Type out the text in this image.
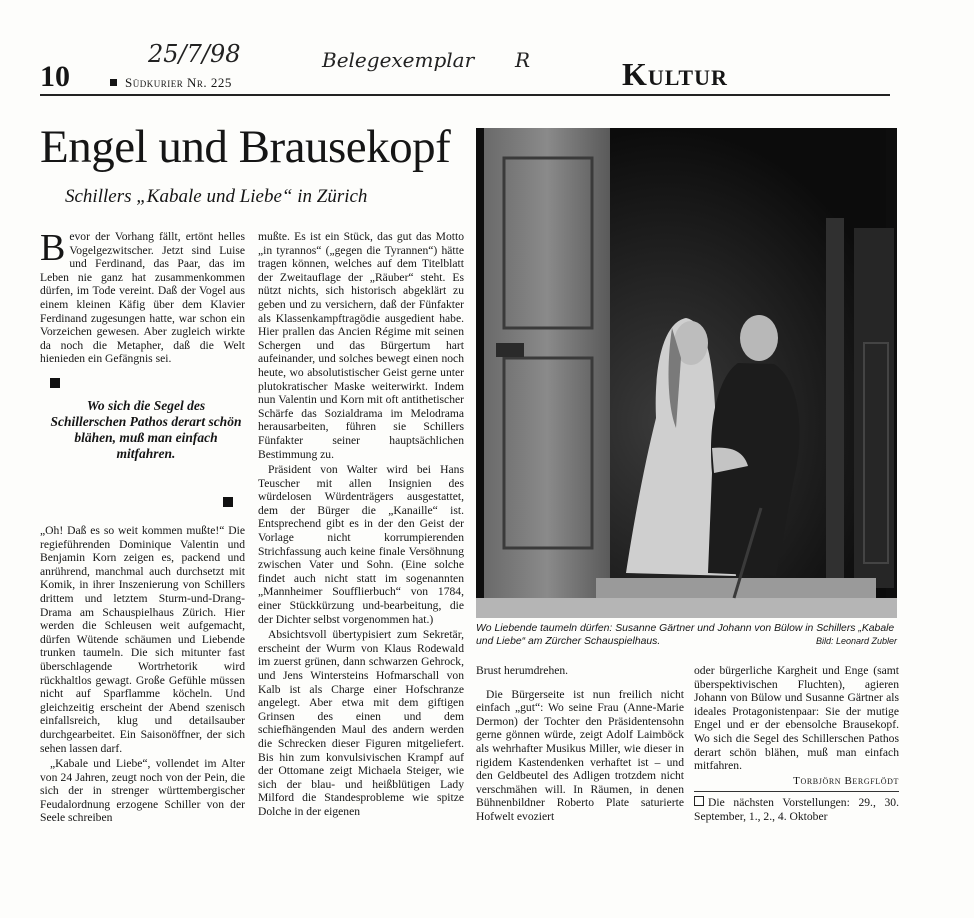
25/7/98	Belegexemplar R
10	Südkurier Nr. 225	Kultur
Engel und Brausekopf
Schillers „Kabale und Liebe“ in Zürich

Bevor der Vorhang fällt, ertönt helles Vogelgezwitscher. Jetzt sind Luise und Ferdinand, das Paar, das im Leben nie ganz hat zusammenkommen dürfen, im Tode vereint. Daß der Vogel aus einem kleinen Käfig über dem Klavier Ferdinand zugesungen hatte, war schon ein Vorzeichen gewesen. Aber zugleich wirkte da noch die Metapher, daß die Welt hienieden ein Gefängnis sei.

Wo sich die Segel des Schillerschen Pathos derart schön blähen, muß man einfach mitfahren.

„Oh! Daß es so weit kommen mußte!“ Die regieführenden Dominique Valentin und Benjamin Korn zeigen es, packend und anrührend, manchmal auch durchsetzt mit Komik, in ihrer Inszenierung von Schillers drittem und letztem Sturm-und-Drang-Drama am Schauspielhaus Zürich. Hier werden die Schleusen weit aufgemacht, dürfen Wütende schäumen und Liebende trunken taumeln. Die sich mitunter fast überschlagende Wortrhetorik wird rückhaltlos gewagt. Große Gefühle müssen nicht auf Sparflamme köcheln. Und gleichzeitig erscheint der Abend szenisch einfallsreich, klug und detailsauber durchgearbeitet. Ein Saisonöffner, der sich sehen lassen darf.

„Kabale und Liebe“, vollendet im Alter von 24 Jahren, zeugt noch von der Pein, die sich der in strenger württembergischer Feudalordnung erzogene Schiller von der Seele schreiben

mußte. Es ist ein Stück, das gut das Motto „in tyrannos“ („gegen die Tyrannen“) hätte tragen können, welches auf dem Titelblatt der Zweitauflage der „Räuber“ steht. Es nützt nichts, sich historisch abgeklärt zu geben und zu versichern, daß der Fünfakter als Klassenkampftragödie ausgedient habe. Hier prallen das Ancien Régime mit seinen Schergen und das Bürgertum hart aufeinander, und solches bewegt einen noch heute, wo absolutistischer Geist gerne unter plutokratischer Maske weiterwirkt. Indem nun Valentin und Korn mit oft antithetischer Schärfe das Sozialdrama im Melodrama herausarbeiten, führen sie Schillers Fünfakter seiner hauptsächlichen Bestimmung zu.

Präsident von Walter wird bei Hans Teuscher mit allen Insignien des würdelosen Würdenträgers ausgestattet, dem der Bürger die „Kanaille“ ist. Entsprechend gibt es in der den Geist der Vorlage nicht korrumpierenden Strichfassung auch keine finale Versöhnung zwischen Vater und Sohn. (Eine solche findet auch nicht statt im sogenannten „Mannheimer Soufflierbuch“ von 1784, einer Stückkürzung und-bearbeitung, die der Dichter selbst vorgenommen hat.)

Absichtsvoll übertypisiert zum Sekretär, erscheint der Wurm von Klaus Rodewald im zuerst grünen, dann schwarzen Gehrock, und Jens Wintersteins Hofmarschall von Kalb ist als Charge einer Hofschranze angelegt. Aber etwa mit dem giftigen Grinsen des einen und dem schiefhängenden Maul des andern werden die Schrecken dieser Figuren mitgeliefert. Bis hin zum konvulsivischen Krampf auf der Ottomane zeigt Michaela Steiger, wie sich der blau- und heißblütigen Lady Milford die Standesprobleme wie spitze Dolche in der eigenen

Wo Liebende taumeln dürfen: Susanne Gärtner und Johann von Bülow in Schillers „Kabale und Liebe“ am Zürcher Schauspielhaus.	Bild: Leonard Zubler

Brust herumdrehen.

Die Bürgerseite ist nun freilich nicht einfach „gut“: Wo seine Frau (Anne-Marie Dermon) der Tochter den Präsidentensohn gerne gönnen würde, zeigt Adolf Laimböck als wehrhafter Musikus Miller, wie dieser in rigidem Kastendenken verhaftet ist – und den Geldbeutel des Adligen trotzdem nicht verschmähen will. In Räumen, in denen Bühnenbildner Roberto Plate saturierte Hofwelt evoziert

oder bürgerliche Kargheit und Enge (samt überspektivischen Fluchten), agieren Johann von Bülow und Susanne Gärtner als ideales Protagonistenpaar: Sie der mutige Engel und er der ebensolche Brausekopf. Wo sich die Segel des Schillerschen Pathos derart schön blähen, muß man einfach mitfahren.

Torbjörn Bergflödt

Die nächsten Vorstellungen: 29., 30. September, 1., 2., 4. Oktober
